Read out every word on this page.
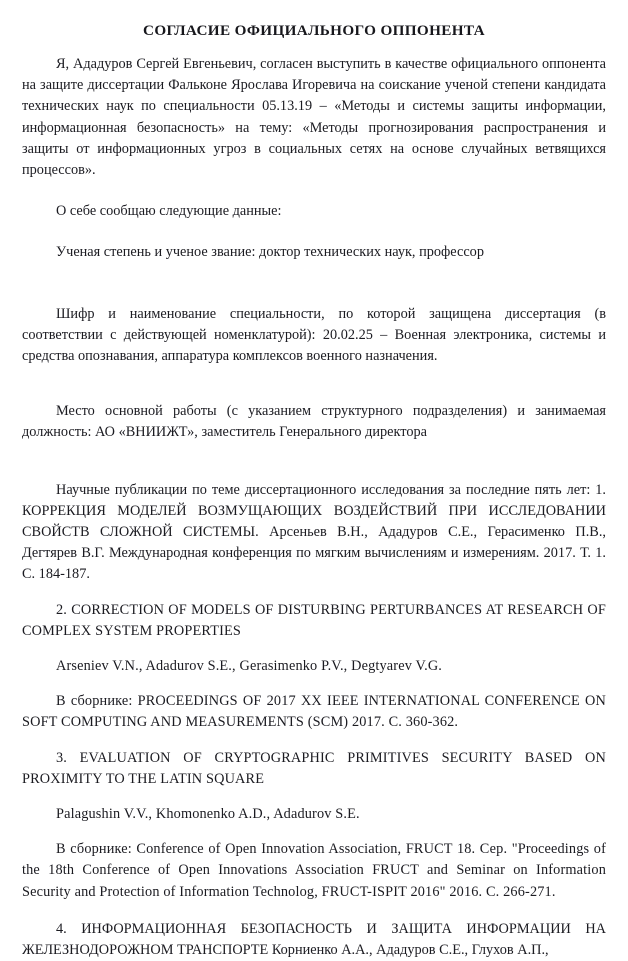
СОГЛАСИЕ ОФИЦИАЛЬНОГО ОППОНЕНТА

Я, Ададуров Сергей Евгеньевич, согласен выступить в качестве официального оппонента на защите диссертации Фальконе Ярослава Игоревича на соискание ученой степени кандидата технических наук по специальности 05.13.19 – «Методы и системы защиты информации, информационная безопасность» на тему: «Методы прогнозирования распространения и защиты от информационных угроз в социальных сетях на основе случайных ветвящихся процессов».

О себе сообщаю следующие данные:

Ученая степень и ученое звание: доктор технических наук, профессор

Шифр и наименование специальности, по которой защищена диссертация (в соответствии с действующей номенклатурой): 20.02.25 – Военная электроника, системы и средства опознавания, аппаратура комплексов военного назначения.

Место основной работы (с указанием структурного подразделения) и занимаемая должность: АО «ВНИИЖТ», заместитель Генерального директора

Научные публикации по теме диссертационного исследования за последние пять лет: 1. КОРРЕКЦИЯ МОДЕЛЕЙ ВОЗМУЩАЮЩИХ ВОЗДЕЙСТВИЙ ПРИ ИССЛЕДОВАНИИ СВОЙСТВ СЛОЖНОЙ СИСТЕМЫ. Арсеньев В.Н., Ададуров С.Е., Герасименко П.В., Дегтярев В.Г. Международная конференция по мягким вычислениям и измерениям. 2017. Т. 1. С. 184-187.

2. CORRECTION OF MODELS OF DISTURBING PERTURBANCES AT RESEARCH OF COMPLEX SYSTEM PROPERTIES

Arseniev V.N., Adadurov S.E., Gerasimenko P.V., Degtyarev V.G.

В сборнике: PROCEEDINGS OF 2017 XX IEEE INTERNATIONAL CONFERENCE ON SOFT COMPUTING AND MEASUREMENTS (SCM) 2017. С. 360-362.

3. EVALUATION OF CRYPTOGRAPHIC PRIMITIVES SECURITY BASED ON PROXIMITY TO THE LATIN SQUARE

Palagushin V.V., Khomonenko A.D., Adadurov S.E.

В сборнике: Conference of Open Innovation Association, FRUCT 18. Сер. "Proceedings of the 18th Conference of Open Innovations Association FRUCT and Seminar on Information Security and Protection of Information Technolog, FRUCT-ISPIT 2016" 2016. С. 266-271.

4. ИНФОРМАЦИОННАЯ БЕЗОПАСНОСТЬ И ЗАЩИТА ИНФОРМАЦИИ НА ЖЕЛЕЗНОДОРОЖНОМ ТРАНСПОРТЕ Корниенко А.А., Ададуров С.Е., Глухов А.П.,
